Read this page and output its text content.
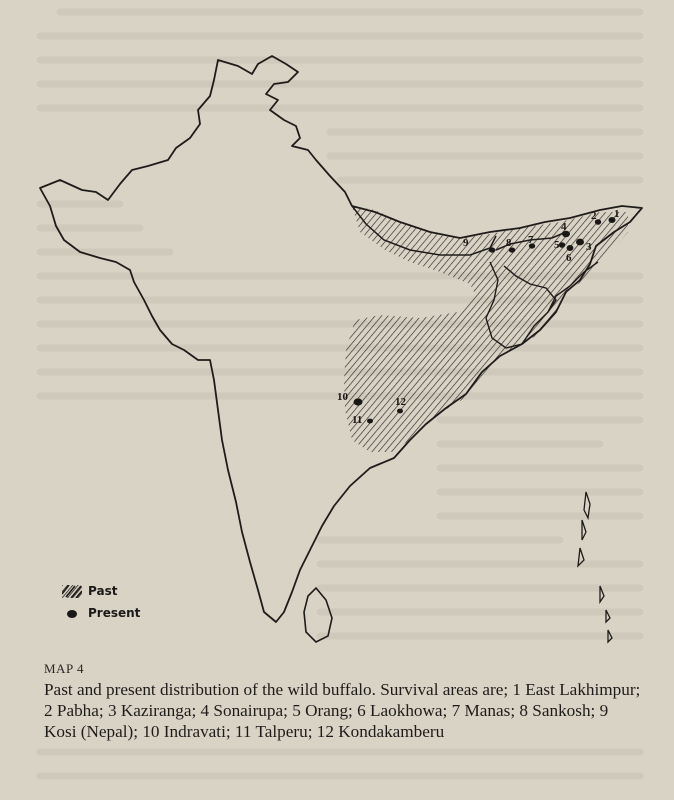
1
2
3
4
5
6
7
8
9
10
11
12
Past
Present
MAP 4
Past and present distribution of the wild buffalo. Survival areas are; 1 East Lakhimpur; 2 Pabha; 3 Kaziranga; 4 Sonairupa; 5 Orang; 6 Laokhowa; 7 Manas; 8 Sankosh; 9 Kosi (Nepal); 10 Indravati; 11 Talperu; 12 Kondakamberu
